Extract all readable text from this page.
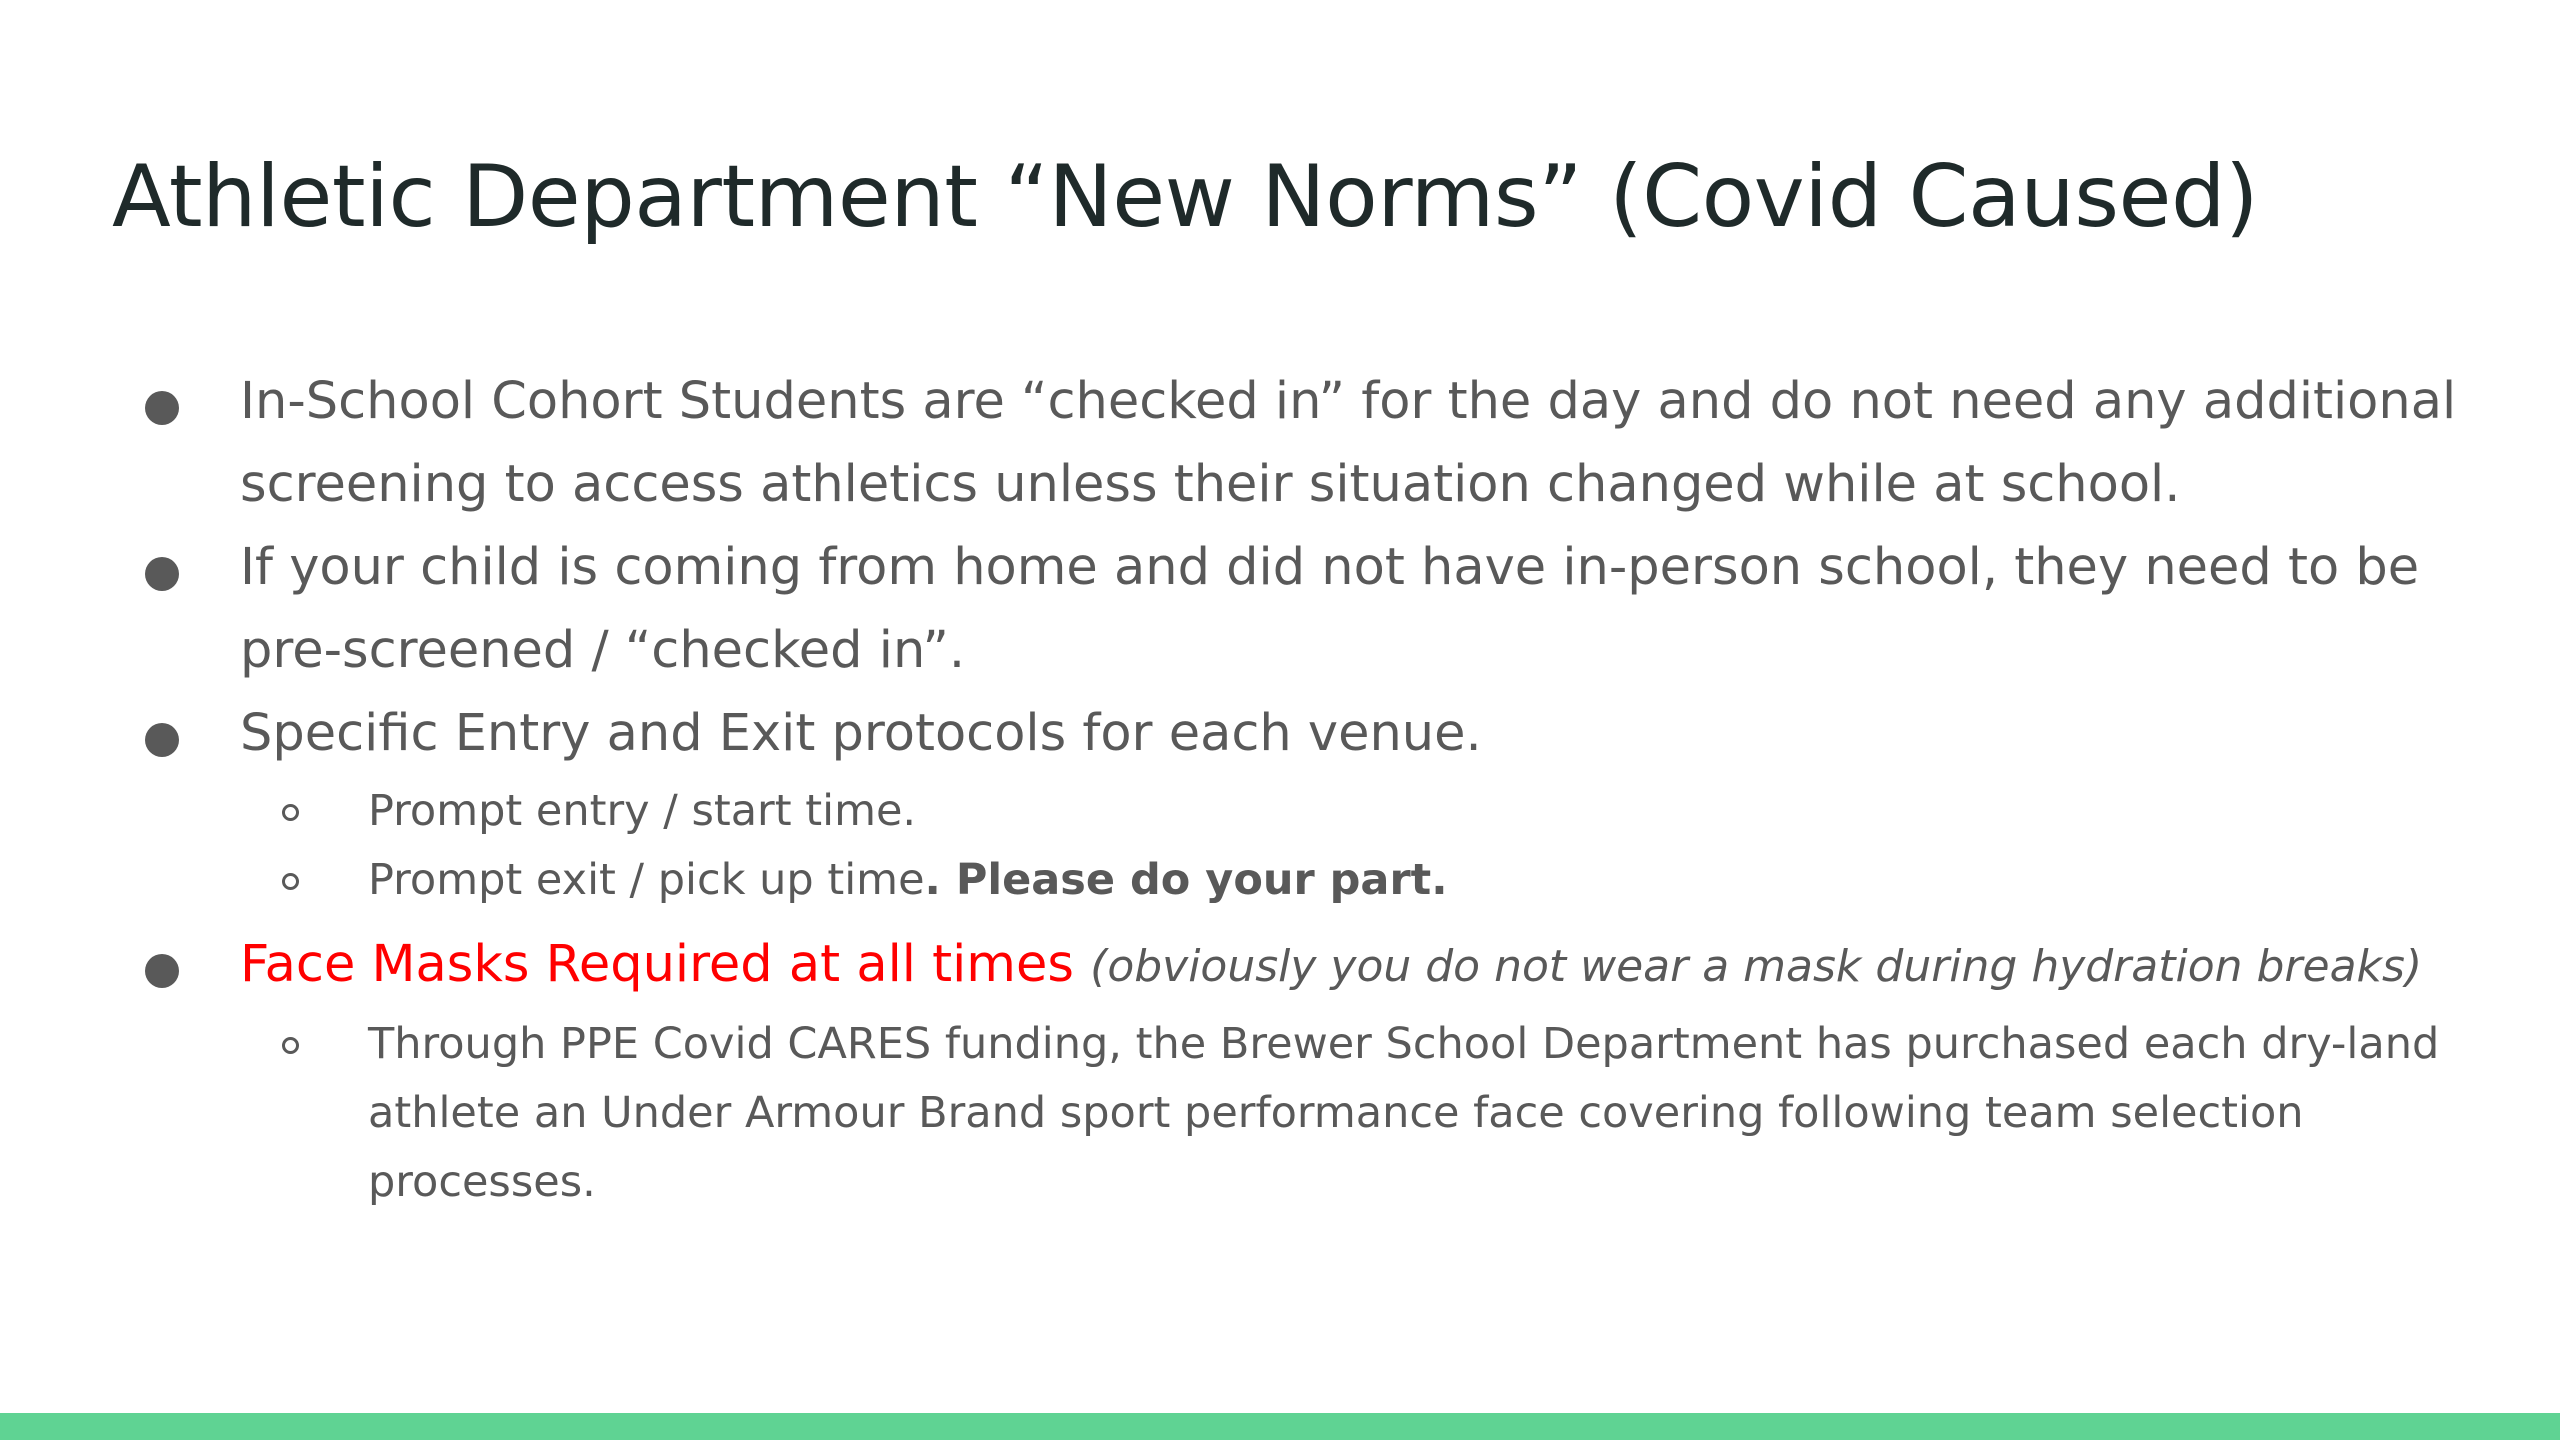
Athletic Department “New Norms” (Covid Caused)
In-School Cohort Students are “checked in” for the day and do not need any additional screening to access athletics unless their situation changed while at school.
If your child is coming from home and did not have in-person school, they need to be pre-screened / “checked in”.
Specific Entry and Exit protocols for each venue.
Prompt entry / start time.
Prompt exit / pick up time. Please do your part.
Face Masks Required at all times (obviously you do not wear a mask during hydration breaks)
Through PPE Covid CARES funding, the Brewer School Department has purchased each dry-land athlete an Under Armour Brand sport performance face covering following team selection processes.
